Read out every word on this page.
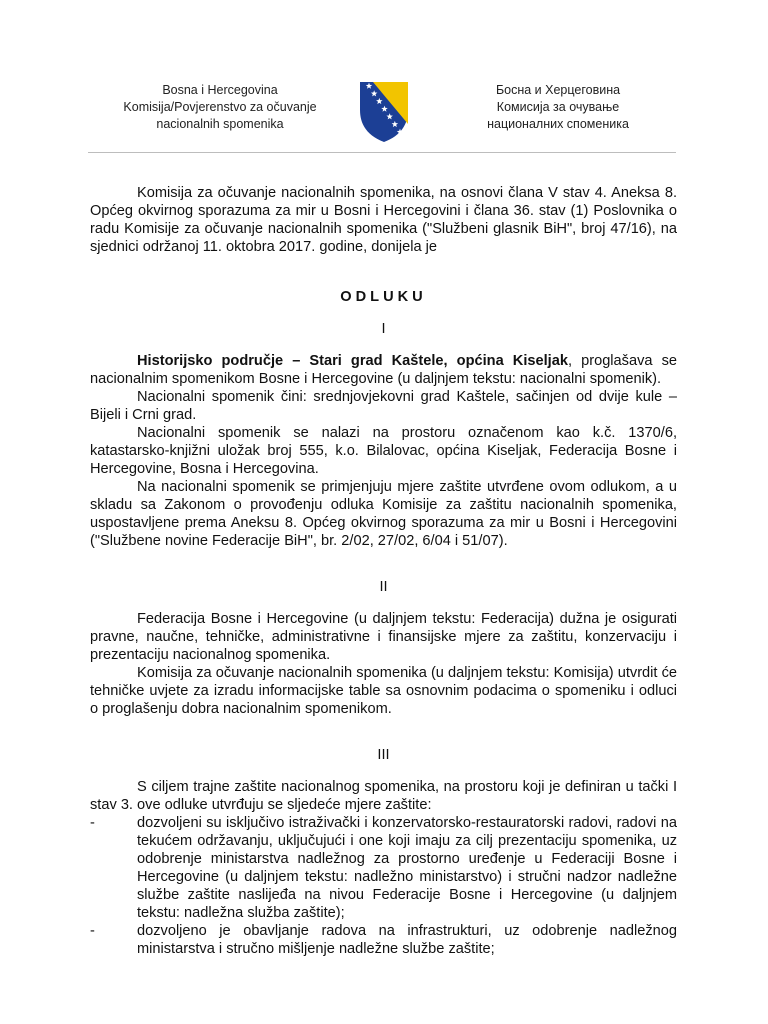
Bosna i Hercegovina
Komisija/Povjerenstvo za očuvanje
nacionalnih spomenika
Босна и Херцеговина
Комисија за очување
националних споменика

Komisija za očuvanje nacionalnih spomenika, na osnovi člana V stav 4. Aneksa 8. Općeg okvirnog sporazuma za mir u Bosni i Hercegovini i člana 36. stav (1) Poslovnika o radu Komisije za očuvanje nacionalnih spomenika ("Službeni glasnik BiH", broj 47/16), na sjednici održanoj 11. oktobra 2017. godine, donijela je

ODLUKU

I

Historijsko područje – Stari grad Kaštele, općina Kiseljak, proglašava se nacionalnim spomenikom Bosne i Hercegovine (u daljnjem tekstu: nacionalni spomenik).

Nacionalni spomenik čini: srednjovjekovni grad Kaštele, sačinjen od dvije kule – Bijeli i Crni grad.

Nacionalni spomenik se nalazi na prostoru označenom kao k.č. 1370/6, katastarsko-knjižni uložak broj 555, k.o. Bilalovac, općina Kiseljak, Federacija Bosne i Hercegovine, Bosna i Hercegovina.

Na nacionalni spomenik se primjenjuju mjere zaštite utvrđene ovom odlukom, a u skladu sa Zakonom o provođenju odluka Komisije za zaštitu nacionalnih spomenika, uspostavljene prema Aneksu 8. Općeg okvirnog sporazuma za mir u Bosni i Hercegovini ("Službene novine Federacije BiH", br. 2/02, 27/02, 6/04 i 51/07).

II

Federacija Bosne i Hercegovine (u daljnjem tekstu: Federacija) dužna je osigurati pravne, naučne, tehničke, administrativne i finansijske mjere za zaštitu, konzervaciju i prezentaciju nacionalnog spomenika.

Komisija za očuvanje nacionalnih spomenika (u daljnjem tekstu: Komisija) utvrdit će tehničke uvjete za izradu informacijske table sa osnovnim podacima o spomeniku i odluci o proglašenju dobra nacionalnim spomenikom.

III

S ciljem trajne zaštite nacionalnog spomenika, na prostoru koji je definiran u tački I stav 3. ove odluke utvrđuju se sljedeće mjere zaštite:

-	dozvoljeni su isključivo istraživački i konzervatorsko-restauratorski radovi, radovi na tekućem održavanju, uključujući i one koji imaju za cilj prezentaciju spomenika, uz odobrenje ministarstva nadležnog za prostorno uređenje u Federaciji Bosne i Hercegovine (u daljnjem tekstu: nadležno ministarstvo) i stručni nadzor nadležne službe zaštite naslijeđa na nivou Federacije Bosne i Hercegovine (u daljnjem tekstu: nadležna služba zaštite);
-	dozvoljeno je obavljanje radova na infrastrukturi, uz odobrenje nadležnog ministarstva i stručno mišljenje nadležne službe zaštite;
